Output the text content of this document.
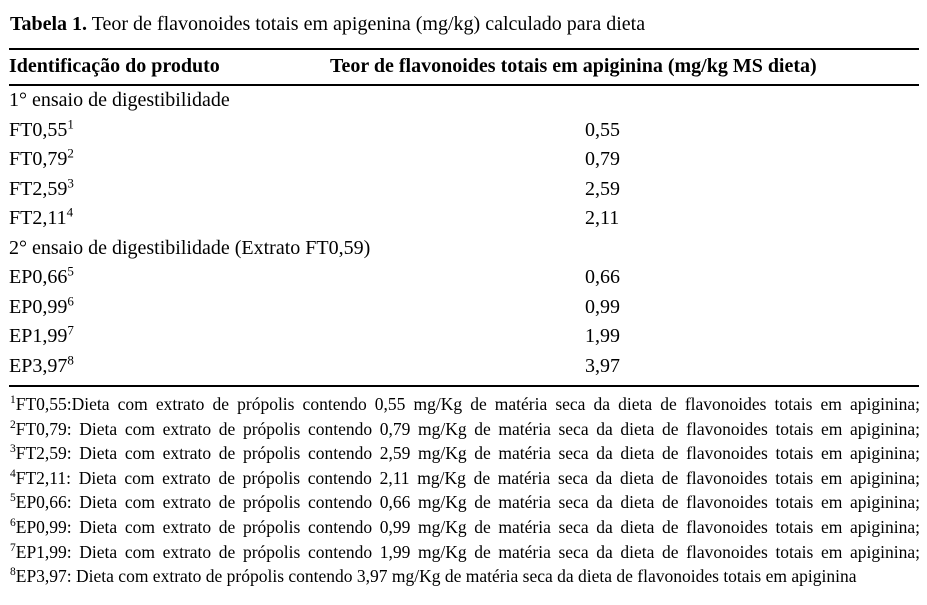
Tabela 1. Teor de flavonoides totais em apigenina (mg/kg) calculado para dieta

Identificação do produto	Teor de flavonoides totais em apiginina (mg/kg MS dieta)
1° ensaio de digestibilidade	
FT0,55$^1$	0,55
FT0,79$^2$	0,79
FT2,59$^3$	2,59
FT2,11$^4$	2,11
2° ensaio de digestibilidade (Extrato FT0,59)	
EP0,66$^5$	0,66
EP0,99$^6$	0,99
EP1,99$^7$	1,99
EP3,97$^8$	3,97

$^1$FT0,55:Dieta com extrato de própolis contendo 0,55 mg/Kg de matéria seca da dieta de flavonoides totais em apiginina; $^2$FT0,79: Dieta com extrato de própolis contendo 0,79 mg/Kg de matéria seca da dieta de flavonoides totais em apiginina; $^3$FT2,59: Dieta com extrato de própolis contendo 2,59 mg/Kg de matéria seca da dieta de flavonoides totais em apiginina; $^4$FT2,11: Dieta com extrato de própolis contendo 2,11 mg/Kg de matéria seca da dieta de flavonoides totais em apiginina; $^5$EP0,66: Dieta com extrato de própolis contendo 0,66 mg/Kg de matéria seca da dieta de flavonoides totais em apiginina; $^6$EP0,99: Dieta com extrato de própolis contendo 0,99 mg/Kg de matéria seca da dieta de flavonoides totais em apiginina; $^7$EP1,99: Dieta com extrato de própolis contendo 1,99 mg/Kg de matéria seca da dieta de flavonoides totais em apiginina; $^8$EP3,97: Dieta com extrato de própolis contendo 3,97 mg/Kg de matéria seca da dieta de flavonoides totais em apiginina
